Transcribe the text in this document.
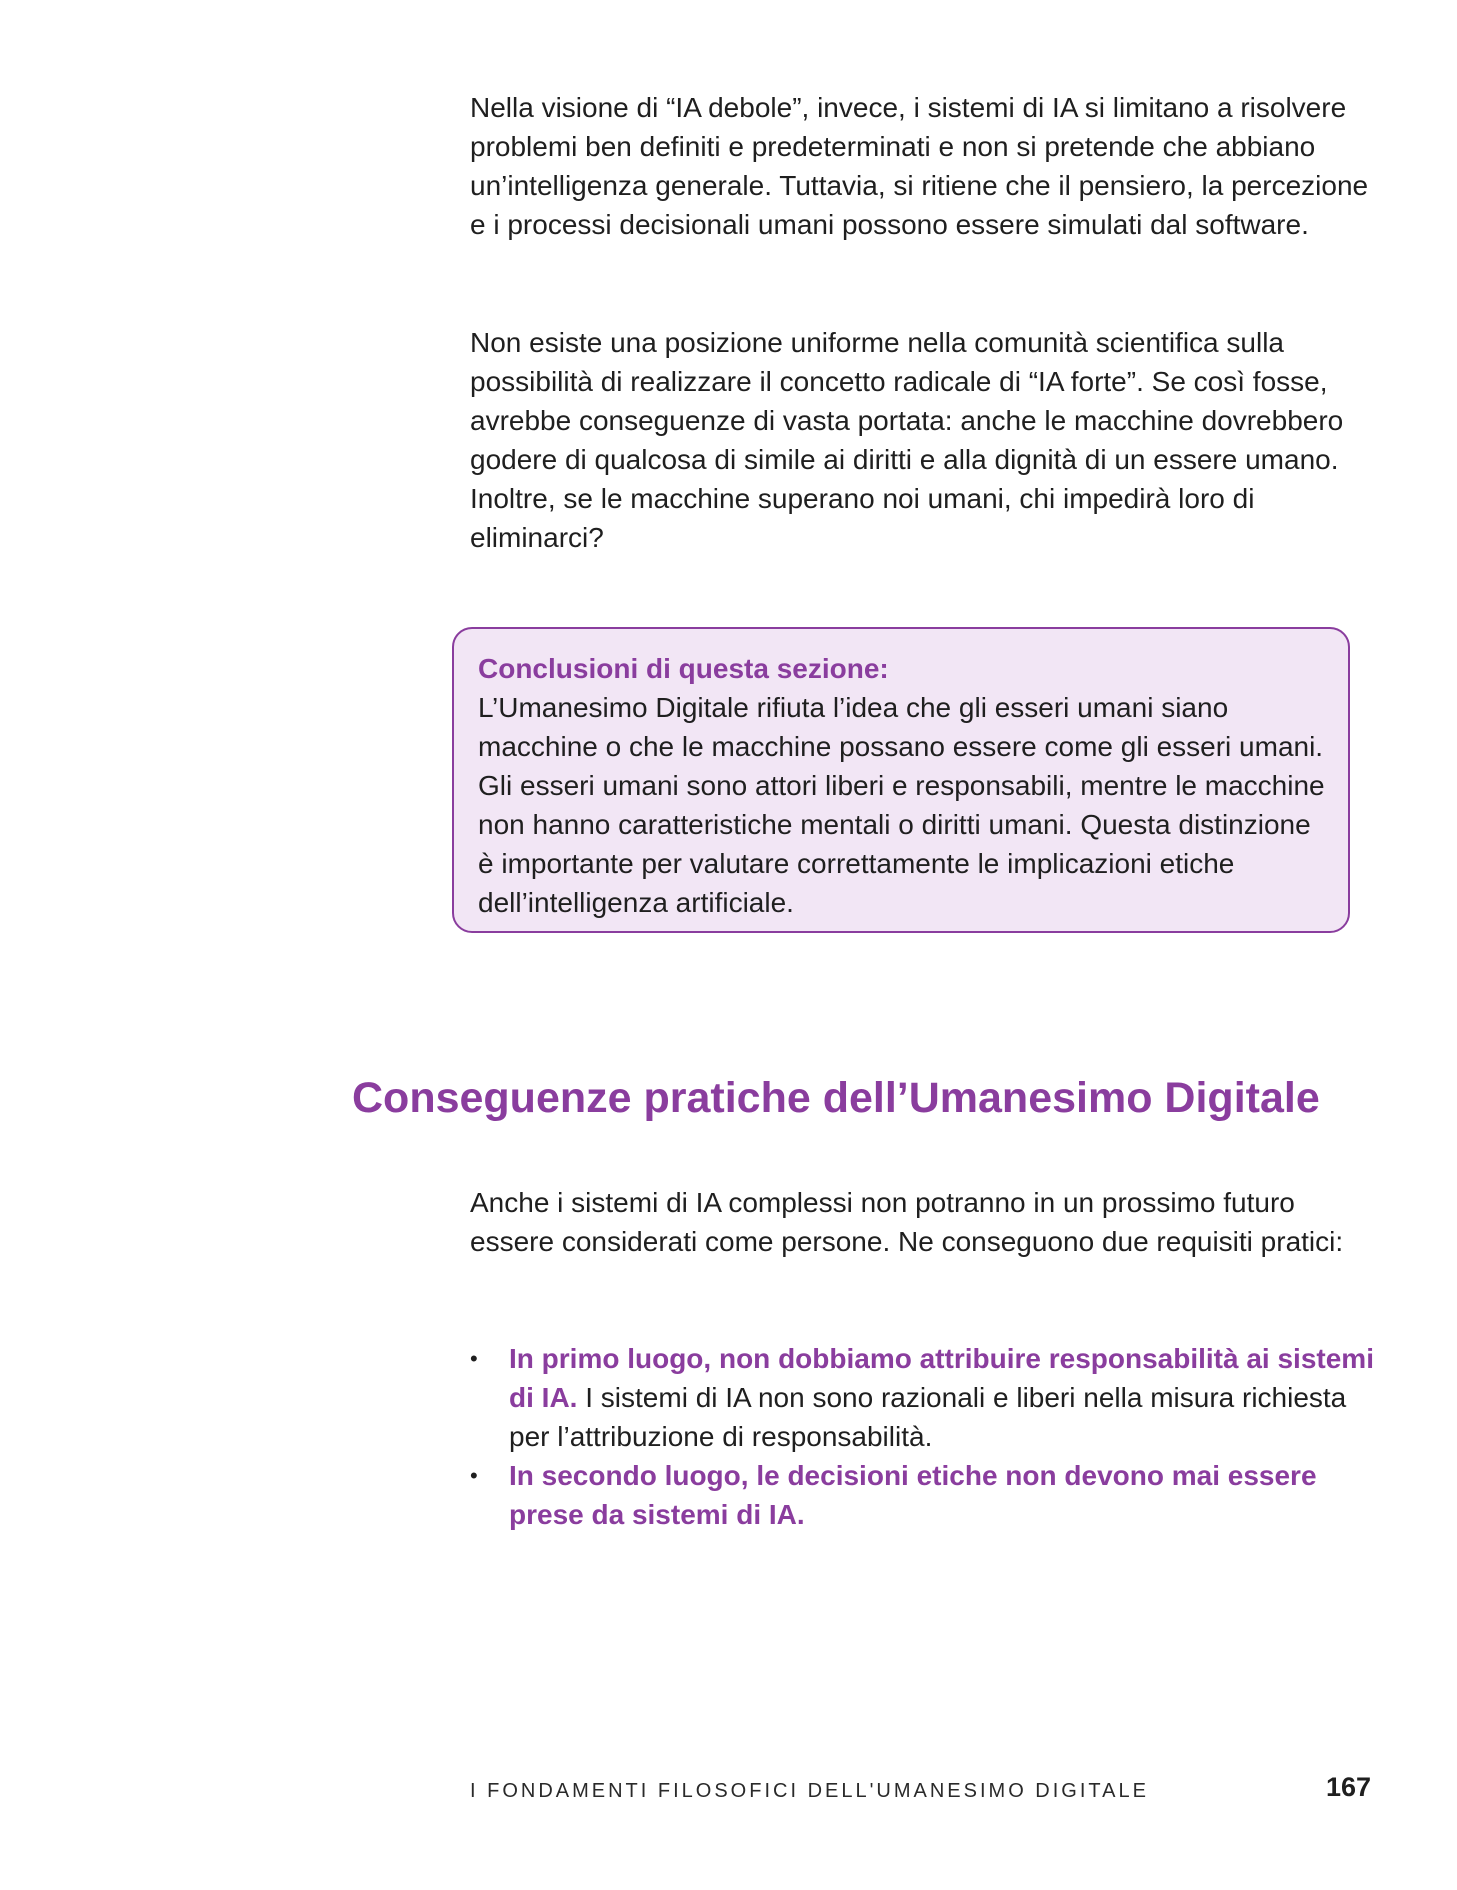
Nella visione di “IA debole”, invece, i sistemi di IA si limitano a risolvere problemi ben definiti e predeterminati e non si pretende che abbiano un’intelligenza generale. Tuttavia, si ritiene che il pensiero, la percezione e i processi decisionali umani possono essere simulati dal software.

Non esiste una posizione uniforme nella comunità scientifica sulla possibilità di realizzare il concetto radicale di “IA forte”. Se così fosse, avrebbe conseguenze di vasta portata: anche le macchine dovrebbero godere di qualcosa di simile ai diritti e alla dignità di un essere umano. Inoltre, se le macchine superano noi umani, chi impedirà loro di eliminarci?

Conclusioni di questa sezione:

L’Umanesimo Digitale rifiuta l’idea che gli esseri umani siano macchine o che le macchine possano essere come gli esseri umani. Gli esseri umani sono attori liberi e responsabili, mentre le macchine non hanno caratteristiche mentali o diritti umani. Questa distinzione è importante per valutare correttamente le implicazioni etiche dell’intelligenza artificiale.

Conseguenze pratiche dell’Umanesimo Digitale

Anche i sistemi di IA complessi non potranno in un prossimo futuro essere considerati come persone. Ne conseguono due requisiti pratici:

• In primo luogo, non dobbiamo attribuire responsabilità ai sistemi di IA. I sistemi di IA non sono razionali e liberi nella misura richiesta per l’attribuzione di responsabilità.
• In secondo luogo, le decisioni etiche non devono mai essere prese da sistemi di IA.
I FONDAMENTI FILOSOFICI DELL'UMANESIMO DIGITALE	167
